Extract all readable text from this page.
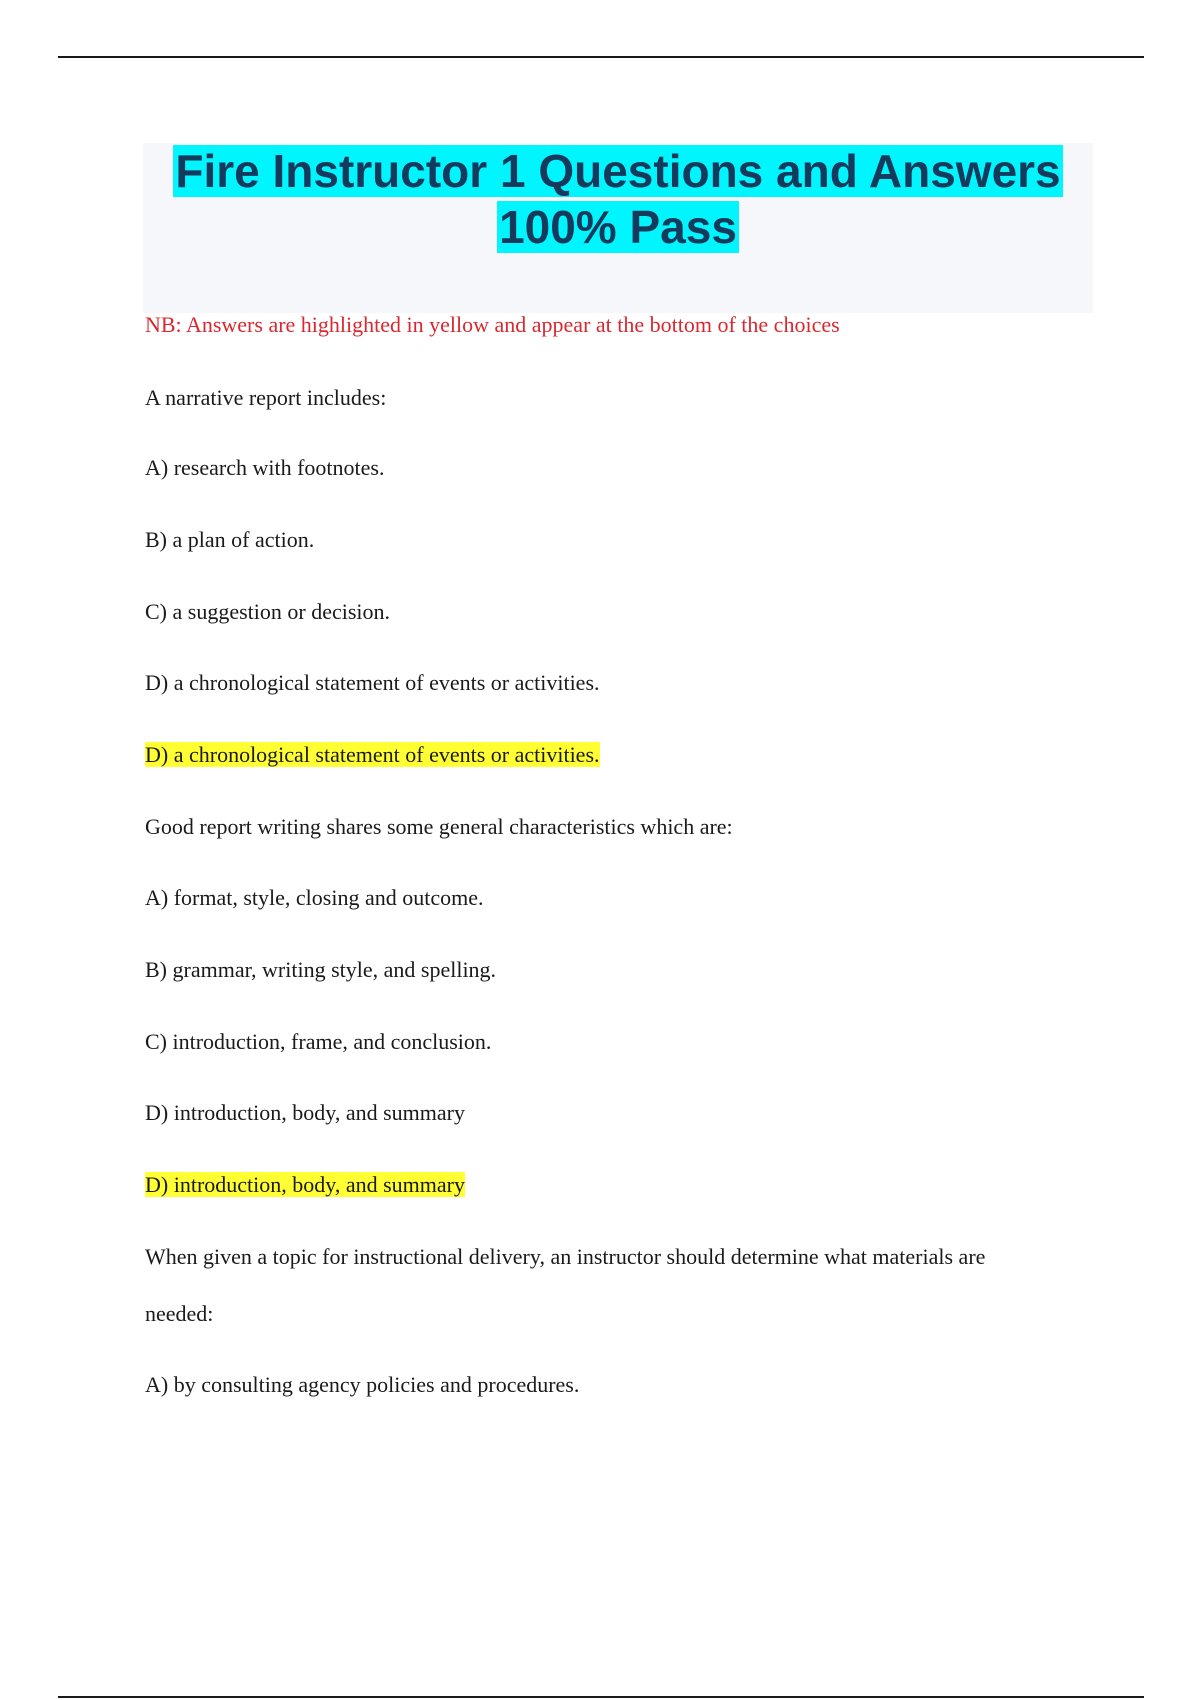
Fire Instructor 1 Questions and Answers
100% Pass

NB: Answers are highlighted in yellow and appear at the bottom of the choices

A narrative report includes:

A) research with footnotes.

B) a plan of action.

C) a suggestion or decision.

D) a chronological statement of events or activities.

D) a chronological statement of events or activities.

Good report writing shares some general characteristics which are:

A) format, style, closing and outcome.

B) grammar, writing style, and spelling.

C) introduction, frame, and conclusion.

D) introduction, body, and summary

D) introduction, body, and summary

When given a topic for instructional delivery, an instructor should determine what materials are

needed:

A) by consulting agency policies and procedures.
